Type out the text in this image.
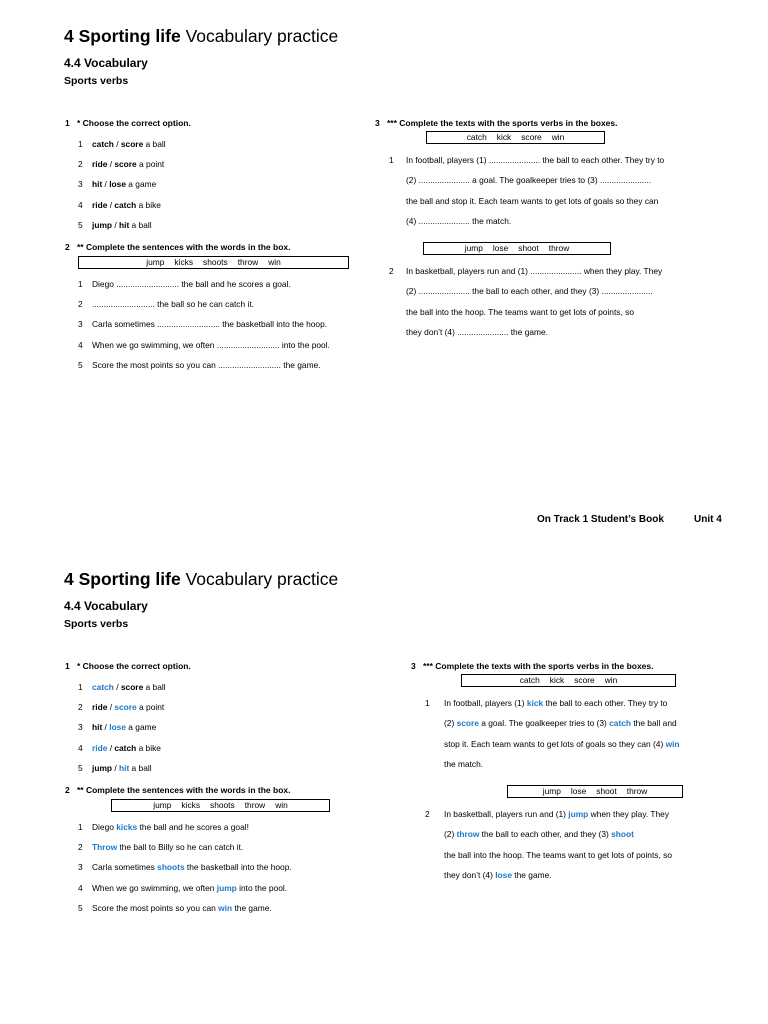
4 Sporting life Vocabulary practice
4.4 Vocabulary
Sports verbs
1 * Choose the correct option.
1 catch / score a ball
2 ride / score a point
3 hit / lose a game
4 ride / catch a bike
5 jump / hit a ball
2 ** Complete the sentences with the words in the box.
jump kicks shoots throw win
1 Diego ........................... the ball and he scores a goal.
2 ........................... the ball so he can catch it.
3 Carla sometimes ........................... the basketball into the hoop.
4 When we go swimming, we often ........................... into the pool.
5 Score the most points so you can ........................... the game.
3 *** Complete the texts with the sports verbs in the boxes.
catch kick score win
1 In football, players (1) ...................... the ball to each other. They try to
(2) ...................... a goal. The goalkeeper tries to (3) ......................
the ball and stop it. Each team wants to get lots of goals so they can
(4) ...................... the match.
jump lose shoot throw
2 In basketball, players run and (1) ...................... when they play. They
(2) ...................... the ball to each other, and they (3) ......................
the ball into the hoop. The teams want to get lots of points, so
they don’t (4) ...................... the game.
On Track 1 Student’s Book	Unit 4
4 Sporting life Vocabulary practice
4.4 Vocabulary
Sports verbs
1 * Choose the correct option.
1 catch / score a ball
2 ride / score a point
3 hit / lose a game
4 ride / catch a bike
5 jump / hit a ball
2 ** Complete the sentences with the words in the box.
jump kicks shoots throw win
1 Diego kicks the ball and he scores a goal!
2 Throw the ball to Billy so he can catch it.
3 Carla sometimes shoots the basketball into the hoop.
4 When we go swimming, we often jump into the pool.
5 Score the most points so you can win the game.
3 *** Complete the texts with the sports verbs in the boxes.
catch kick score win
1 In football, players (1) kick the ball to each other. They try to
(2) score a goal. The goalkeeper tries to (3) catch the ball and
stop it. Each team wants to get lots of goals so they can (4) win
the match.
jump lose shoot throw
2 In basketball, players run and (1) jump when they play. They
(2) throw the ball to each other, and they (3) shoot
the ball into the hoop. The teams want to get lots of points, so
they don’t (4) lose the game.
